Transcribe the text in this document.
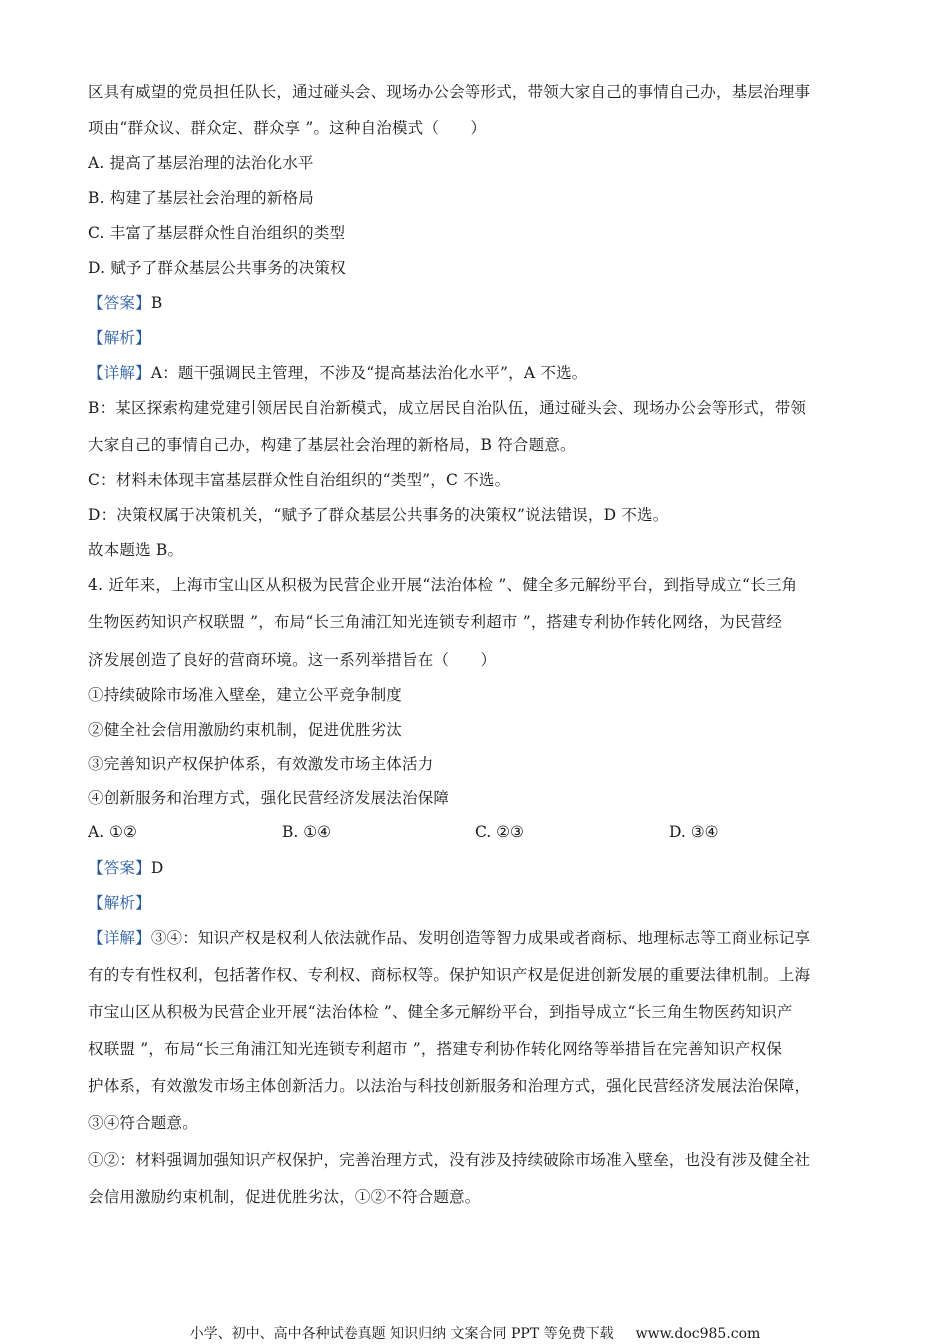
区具有威望的党员担任队长，通过碰头会、现场办公会等形式，带领大家自己的事情自己办，基层治理事
项由“群众议、群众定、群众享 ”。这种自治模式（　　）
A. 提高了基层治理的法治化水平
B. 构建了基层社会治理的新格局
C. 丰富了基层群众性自治组织的类型
D. 赋予了群众基层公共事务的决策权
【答案】B
【解析】
【详解】A：题干强调民主管理，不涉及“提高基法治化水平”，A 不选。
B：某区探索构建党建引领居民自治新模式，成立居民自治队伍，通过碰头会、现场办公会等形式，带领
大家自己的事情自己办，构建了基层社会治理的新格局，B 符合题意。
C：材料未体现丰富基层群众性自治组织的“类型”，C 不选。
D：决策权属于决策机关，“赋予了群众基层公共事务的决策权”说法错误，D 不选。
故本题选 B。
4. 近年来，上海市宝山区从积极为民营企业开展“法治体检 ”、健全多元解纷平台，到指导成立“长三角
生物医药知识产权联盟 ”，布局“长三角浦江知光连锁专利超市 ”，搭建专利协作转化网络，为民营经
济发展创造了良好的营商环境。这一系列举措旨在（　　）
①持续破除市场准入壁垒，建立公平竞争制度
②健全社会信用激励约束机制，促进优胜劣汰
③完善知识产权保护体系，有效激发市场主体活力
④创新服务和治理方式，强化民营经济发展法治保障
A. ①②	B. ①④	C. ②③	D. ③④
【答案】D
【解析】
【详解】③④：知识产权是权利人依法就作品、发明创造等智力成果或者商标、地理标志等工商业标记享
有的专有性权利，包括著作权、专利权、商标权等。保护知识产权是促进创新发展的重要法律机制。上海
市宝山区从积极为民营企业开展“法治体检 ”、健全多元解纷平台，到指导成立“长三角生物医药知识产
权联盟 ”，布局“长三角浦江知光连锁专利超市 ”，搭建专利协作转化网络等举措旨在完善知识产权保
护体系，有效激发市场主体创新活力。以法治与科技创新服务和治理方式，强化民营经济发展法治保障，
③④符合题意。
①②：材料强调加强知识产权保护，完善治理方式，没有涉及持续破除市场准入壁垒，也没有涉及健全社
会信用激励约束机制，促进优胜劣汰，①②不符合题意。
小学、初中、高中各种试卷真题 知识归纳 文案合同 PPT 等免费下载 www.doc985.com
